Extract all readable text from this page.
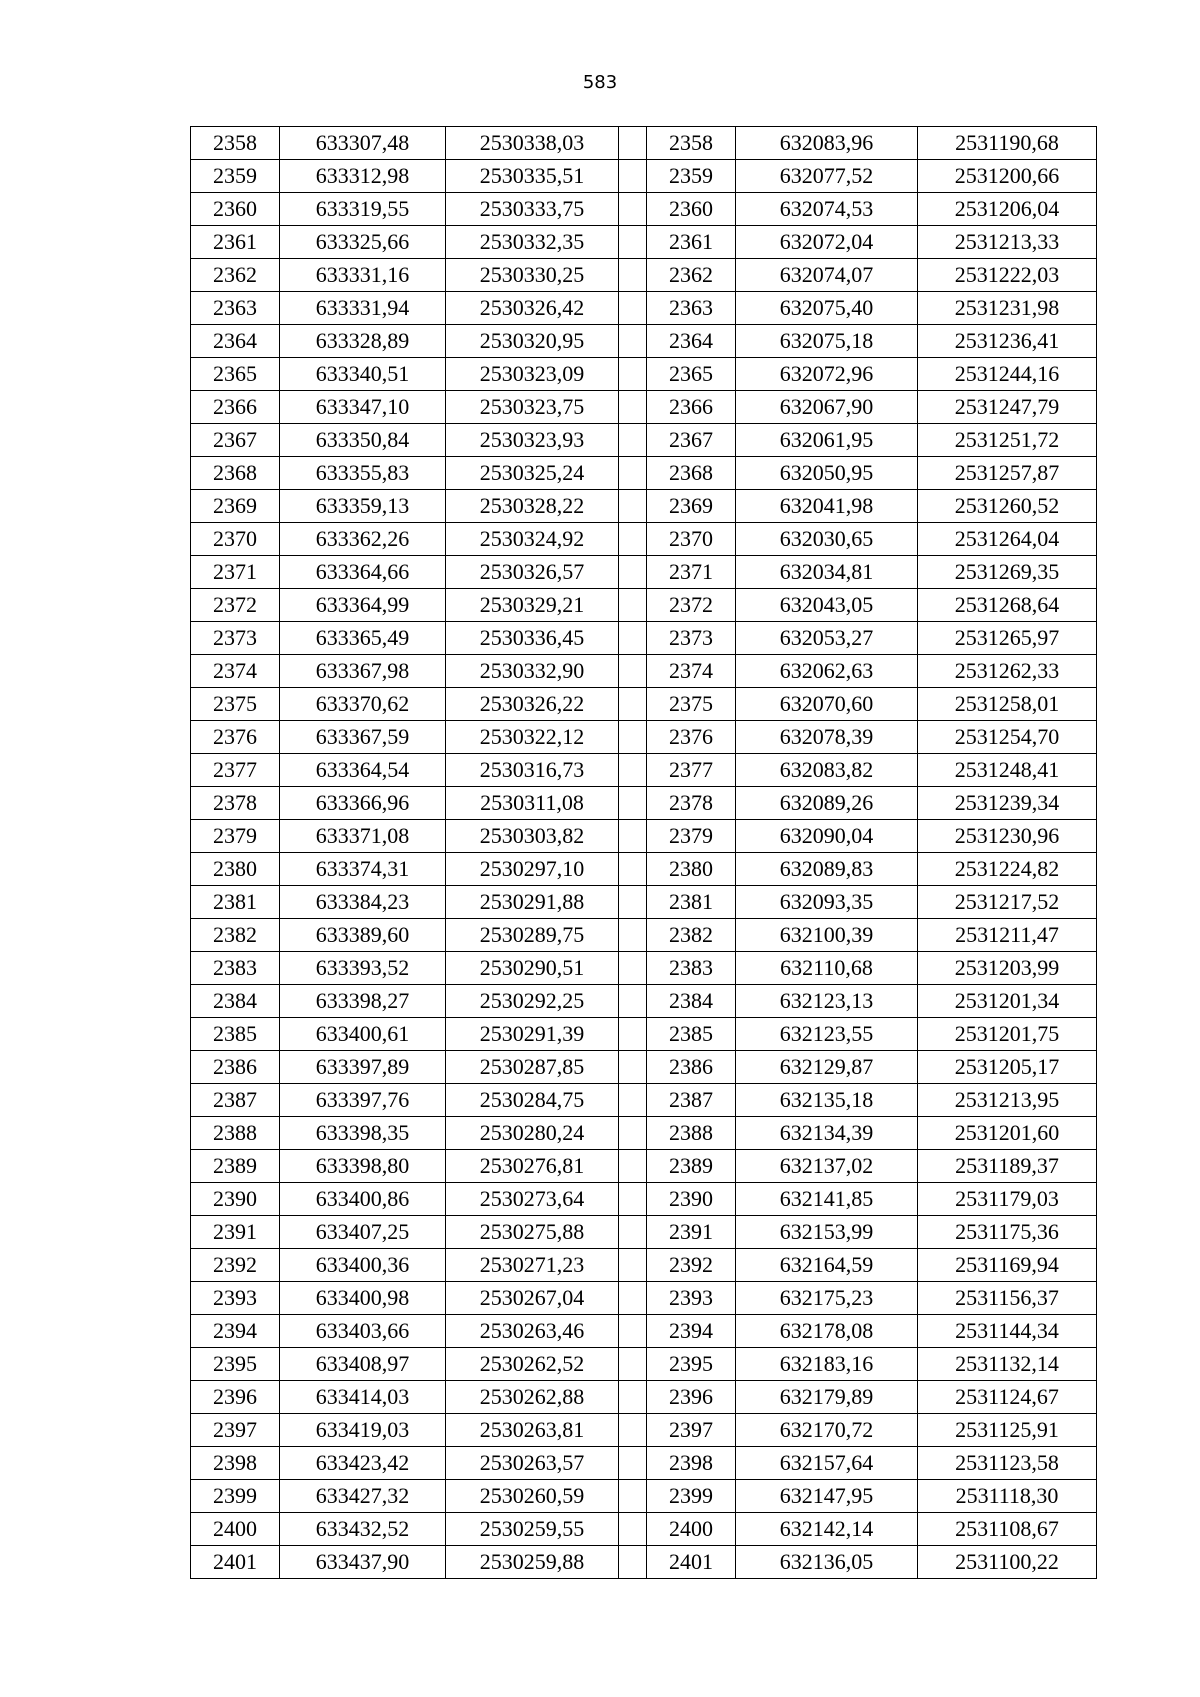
583
2358	633307,48	2530338,03		2358	632083,96	2531190,68
2359	633312,98	2530335,51		2359	632077,52	2531200,66
2360	633319,55	2530333,75		2360	632074,53	2531206,04
2361	633325,66	2530332,35		2361	632072,04	2531213,33
2362	633331,16	2530330,25		2362	632074,07	2531222,03
2363	633331,94	2530326,42		2363	632075,40	2531231,98
2364	633328,89	2530320,95		2364	632075,18	2531236,41
2365	633340,51	2530323,09		2365	632072,96	2531244,16
2366	633347,10	2530323,75		2366	632067,90	2531247,79
2367	633350,84	2530323,93		2367	632061,95	2531251,72
2368	633355,83	2530325,24		2368	632050,95	2531257,87
2369	633359,13	2530328,22		2369	632041,98	2531260,52
2370	633362,26	2530324,92		2370	632030,65	2531264,04
2371	633364,66	2530326,57		2371	632034,81	2531269,35
2372	633364,99	2530329,21		2372	632043,05	2531268,64
2373	633365,49	2530336,45		2373	632053,27	2531265,97
2374	633367,98	2530332,90		2374	632062,63	2531262,33
2375	633370,62	2530326,22		2375	632070,60	2531258,01
2376	633367,59	2530322,12		2376	632078,39	2531254,70
2377	633364,54	2530316,73		2377	632083,82	2531248,41
2378	633366,96	2530311,08		2378	632089,26	2531239,34
2379	633371,08	2530303,82		2379	632090,04	2531230,96
2380	633374,31	2530297,10		2380	632089,83	2531224,82
2381	633384,23	2530291,88		2381	632093,35	2531217,52
2382	633389,60	2530289,75		2382	632100,39	2531211,47
2383	633393,52	2530290,51		2383	632110,68	2531203,99
2384	633398,27	2530292,25		2384	632123,13	2531201,34
2385	633400,61	2530291,39		2385	632123,55	2531201,75
2386	633397,89	2530287,85		2386	632129,87	2531205,17
2387	633397,76	2530284,75		2387	632135,18	2531213,95
2388	633398,35	2530280,24		2388	632134,39	2531201,60
2389	633398,80	2530276,81		2389	632137,02	2531189,37
2390	633400,86	2530273,64		2390	632141,85	2531179,03
2391	633407,25	2530275,88		2391	632153,99	2531175,36
2392	633400,36	2530271,23		2392	632164,59	2531169,94
2393	633400,98	2530267,04		2393	632175,23	2531156,37
2394	633403,66	2530263,46		2394	632178,08	2531144,34
2395	633408,97	2530262,52		2395	632183,16	2531132,14
2396	633414,03	2530262,88		2396	632179,89	2531124,67
2397	633419,03	2530263,81		2397	632170,72	2531125,91
2398	633423,42	2530263,57		2398	632157,64	2531123,58
2399	633427,32	2530260,59		2399	632147,95	2531118,30
2400	633432,52	2530259,55		2400	632142,14	2531108,67
2401	633437,90	2530259,88		2401	632136,05	2531100,22
